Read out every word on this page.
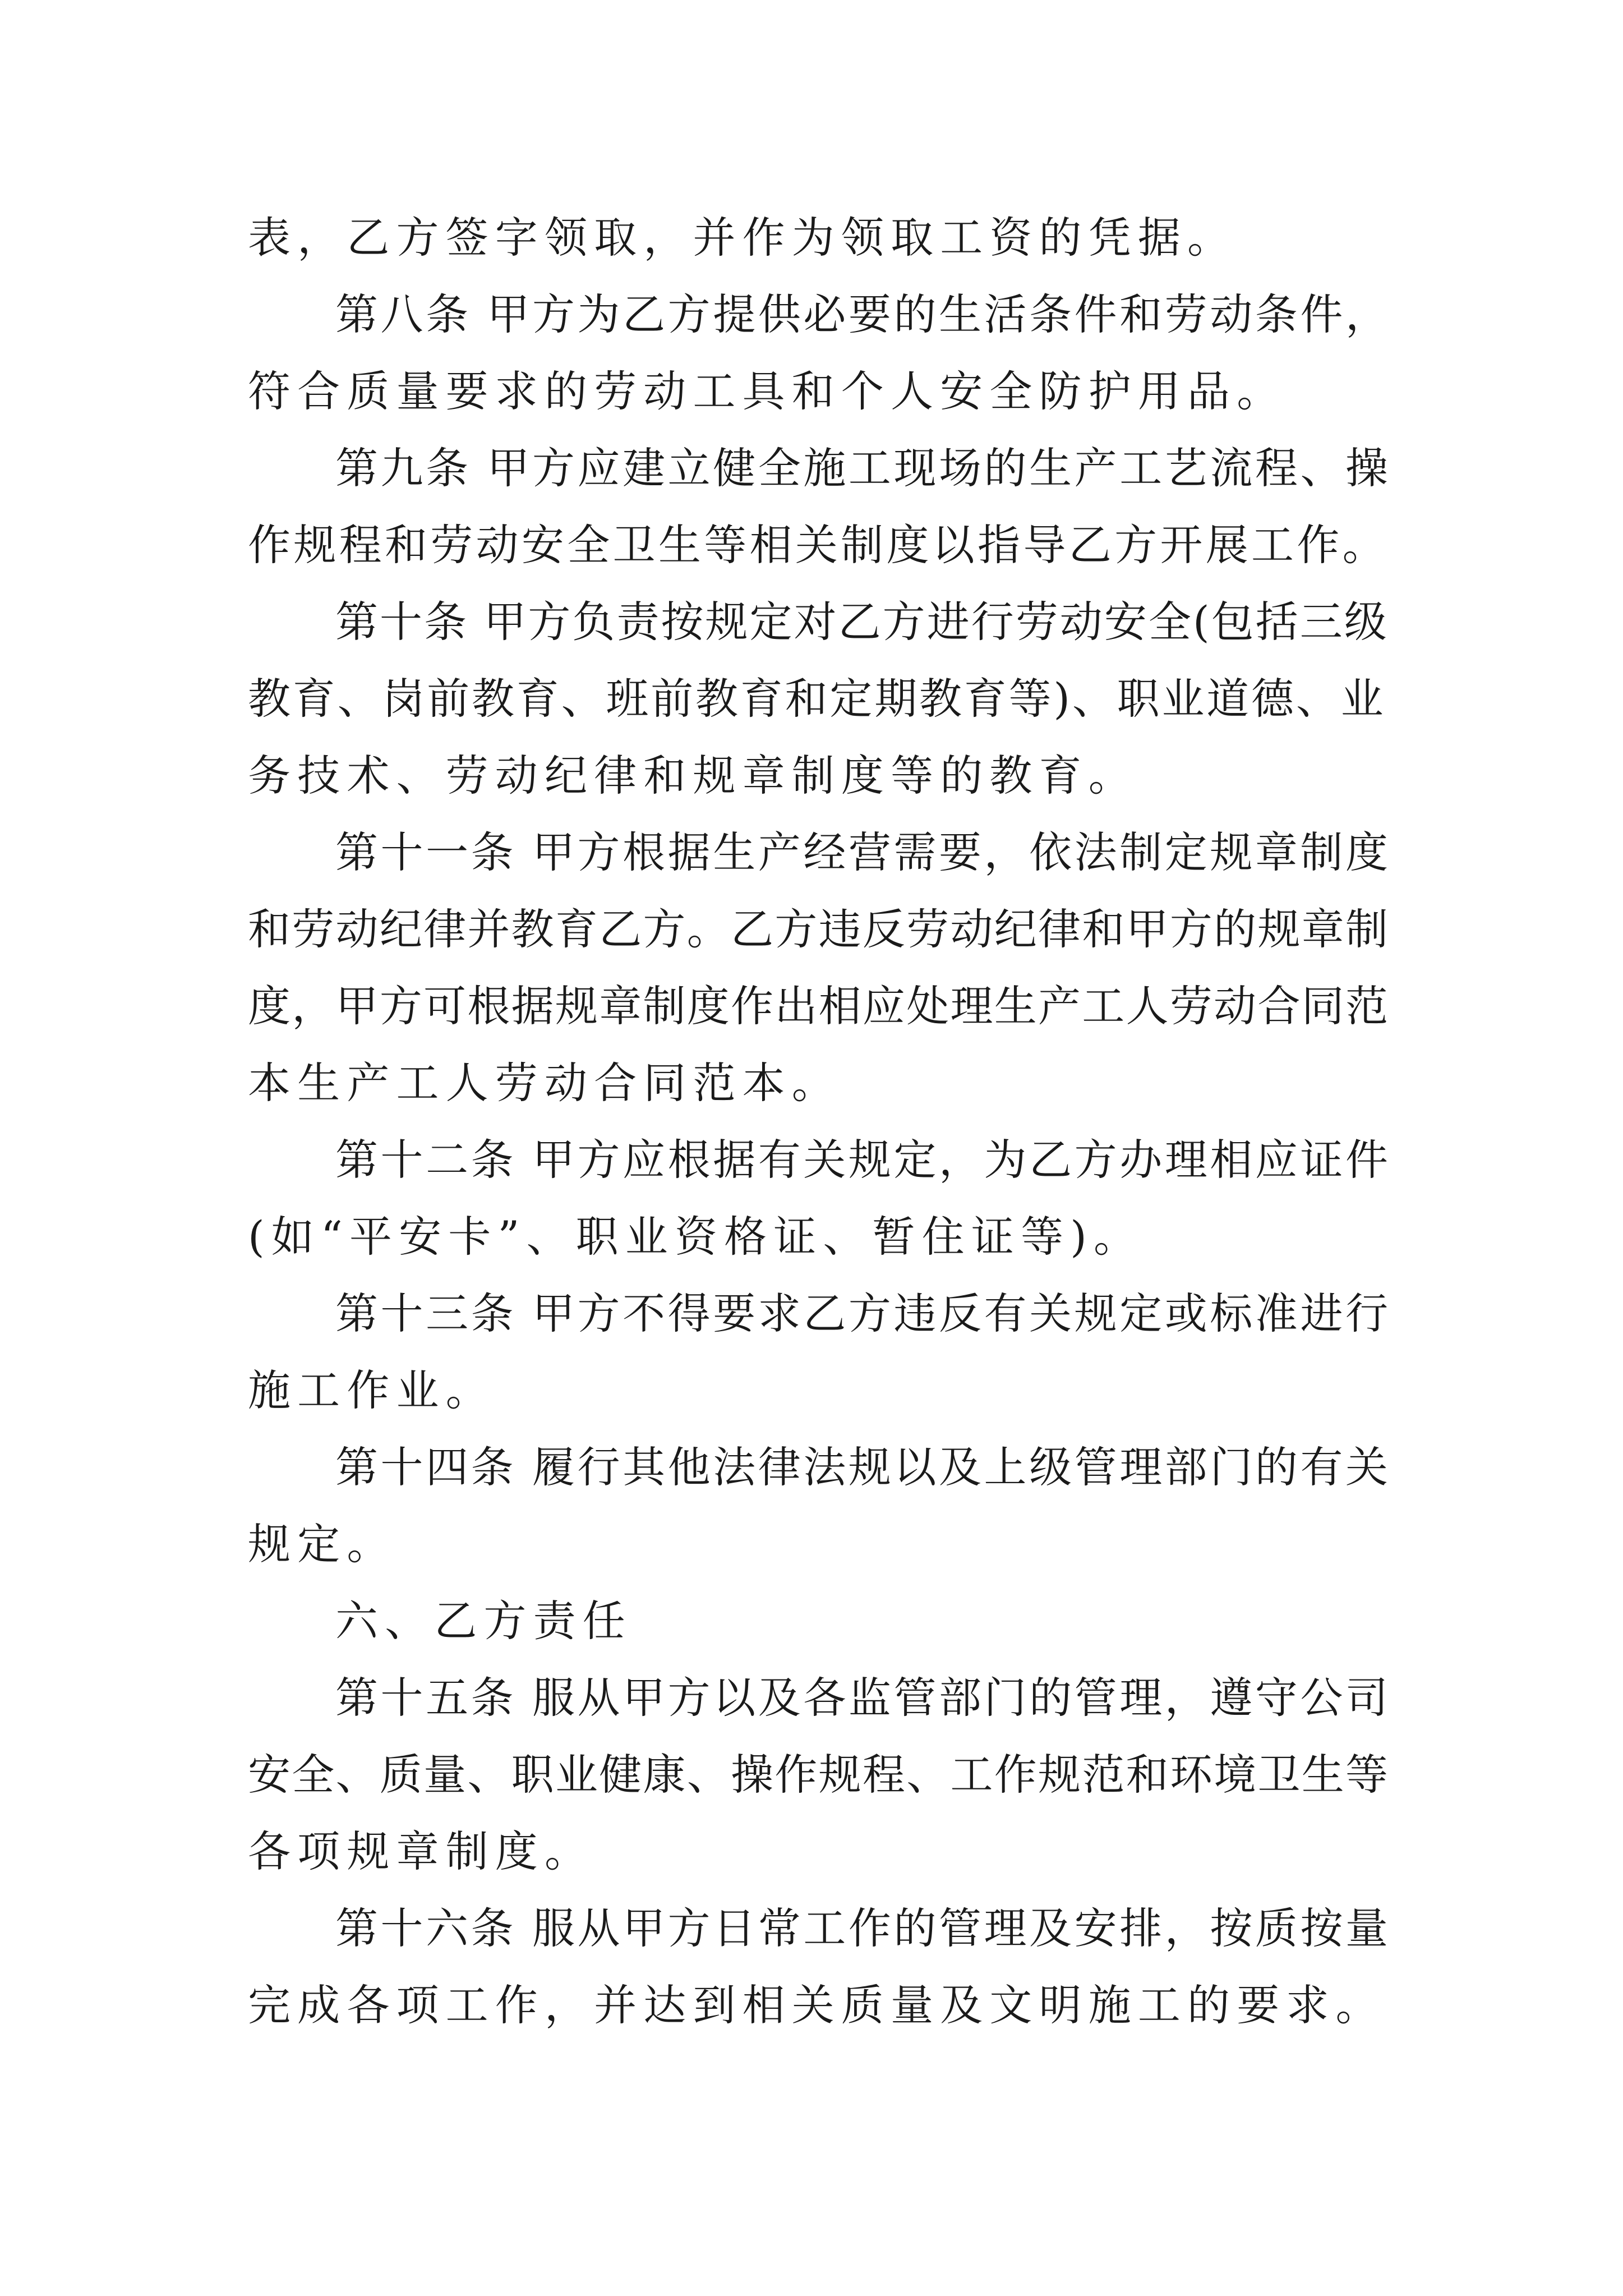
表，乙方签字领取，并作为领取工资的凭据。
第八条 甲方为乙方提供必要的生活条件和劳动条件，
符合质量要求的劳动工具和个人安全防护用品。
第九条 甲方应建立健全施工现场的生产工艺流程、操
作规程和劳动安全卫生等相关制度以指导乙方开展工作。
第十条 甲方负责按规定对乙方进行劳动安全(包括三级
教育、岗前教育、班前教育和定期教育等)、职业道德、业
务技术、劳动纪律和规章制度等的教育。
第十一条 甲方根据生产经营需要，依法制定规章制度
和劳动纪律并教育乙方。乙方违反劳动纪律和甲方的规章制
度，甲方可根据规章制度作出相应处理生产工人劳动合同范
本生产工人劳动合同范本。
第十二条 甲方应根据有关规定，为乙方办理相应证件
(如“平安卡”、职业资格证、暂住证等)。
第十三条 甲方不得要求乙方违反有关规定或标准进行
施工作业。
第十四条 履行其他法律法规以及上级管理部门的有关
规定。
六、乙方责任
第十五条 服从甲方以及各监管部门的管理，遵守公司
安全、质量、职业健康、操作规程、工作规范和环境卫生等
各项规章制度。
第十六条 服从甲方日常工作的管理及安排，按质按量
完成各项工作，并达到相关质量及文明施工的要求。
